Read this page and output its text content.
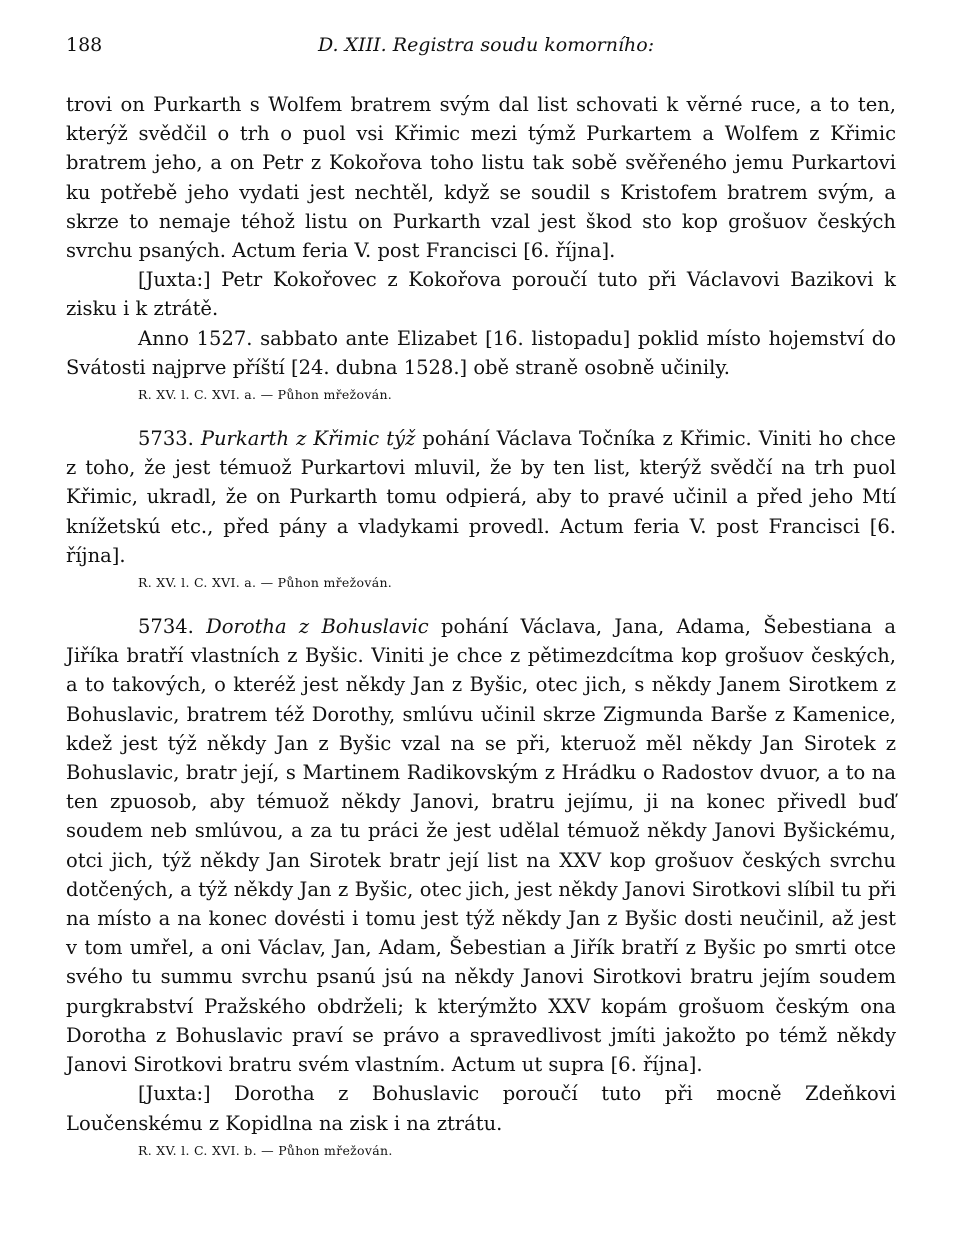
188	D. XIII. Registra soudu komorního:

trovi on Purkarth s Wolfem bratrem svým dal list schovati k věrné ruce, a to ten, kterýž svědčil o trh o puol vsi Křimic mezi týmž Purkartem a Wolfem z Křimic bratrem jeho, a on Petr z Kokořova toho listu tak sobě svěřeného jemu Purkartovi ku potřebě jeho vydati jest nechtěl, když se soudil s Kristofem bratrem svým, a skrze to nemaje téhož listu on Purkarth vzal jest škod sto kop grošuov českých svrchu psaných. Actum feria V. post Francisci [6. října].

[Juxta:] Petr Kokořovec z Kokořova poroučí tuto při Václavovi Bazikovi k zisku i k ztrátě.

Anno 1527. sabbato ante Elizabet [16. listopadu] poklid místo hojemství do Svátosti najprve příští [24. dubna 1528.] obě straně osobně učinily.

R. XV. l. C. XVI. a. — Půhon mřežován.

5733. Purkarth z Křimic týž pohání Václava Točníka z Křimic. Viniti ho chce z toho, že jest témuož Purkartovi mluvil, že by ten list, kterýž svědčí na trh puol Křimic, ukradl, že on Purkarth tomu odpierá, aby to pravé učinil a před jeho Mtí knížetskú etc., před pány a vladykami provedl. Actum feria V. post Francisci [6. října].

R. XV. l. C. XVI. a. — Půhon mřežován.

5734. Dorotha z Bohuslavic pohání Václava, Jana, Adama, Šebestiana a Jiříka bratří vlastních z Byšic. Viniti je chce z pětimezdcítma kop grošuov českých, a to takových, o kteréž jest někdy Jan z Byšic, otec jich, s někdy Janem Sirotkem z Bohuslavic, bratrem též Dorothy, smlúvu učinil skrze Zigmunda Barše z Kamenice, kdež jest týž někdy Jan z Byšic vzal na se při, kteruož měl někdy Jan Sirotek z Bohuslavic, bratr její, s Martinem Radikovským z Hrádku o Radostov dvuor, a to na ten zpuosob, aby témuož někdy Janovi, bratru jejímu, ji na konec přivedl buď soudem neb smlúvou, a za tu práci že jest udělal témuož někdy Janovi Byšickému, otci jich, týž někdy Jan Sirotek bratr její list na XXV kop grošuov českých svrchu dotčených, a týž někdy Jan z Byšic, otec jich, jest někdy Janovi Sirotkovi slíbil tu při na místo a na konec dovésti i tomu jest týž někdy Jan z Byšic dosti neučinil, až jest v tom umřel, a oni Václav, Jan, Adam, Šebestian a Jiřík bratří z Byšic po smrti otce svého tu summu svrchu psanú jsú na někdy Janovi Sirotkovi bratru jejím soudem purgkrabství Pražského obdrželi; k kterýmžto XXV kopám grošuom českým ona Dorotha z Bohuslavic praví se právo a spravedlivost jmíti jakožto po témž někdy Janovi Sirotkovi bratru svém vlastním. Actum ut supra [6. října].

[Juxta:] Dorotha z Bohuslavic poroučí tuto při mocně Zdeňkovi Loučenskému z Kopidlna na zisk i na ztrátu.

R. XV. l. C. XVI. b. — Půhon mřežován.
